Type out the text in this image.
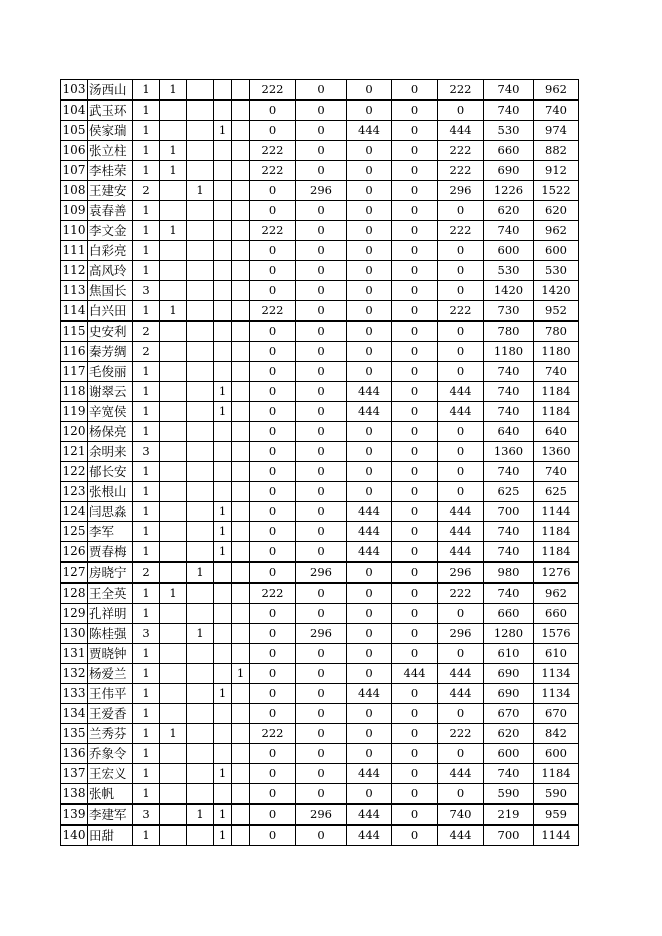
103	汤西山	1	1				222	0	0	0	222	740	962
104	武玉环	1					0	0	0	0	0	740	740
105	侯家瑞	1			1		0	0	444	0	444	530	974
106	张立柱	1	1				222	0	0	0	222	660	882
107	李桂荣	1	1				222	0	0	0	222	690	912
108	王建安	2		1			0	296	0	0	296	1226	1522
109	袁春善	1					0	0	0	0	0	620	620
110	李文金	1	1				222	0	0	0	222	740	962
111	白彩亮	1					0	0	0	0	0	600	600
112	高风玲	1					0	0	0	0	0	530	530
113	焦国长	3					0	0	0	0	0	1420	1420
114	白兴田	1	1				222	0	0	0	222	730	952
115	史安利	2					0	0	0	0	0	780	780
116	秦芳绸	2					0	0	0	0	0	1180	1180
117	毛俊丽	1					0	0	0	0	0	740	740
118	谢翠云	1			1		0	0	444	0	444	740	1184
119	辛宽侯	1			1		0	0	444	0	444	740	1184
120	杨保亮	1					0	0	0	0	0	640	640
121	余明来	3					0	0	0	0	0	1360	1360
122	郁长安	1					0	0	0	0	0	740	740
123	张根山	1					0	0	0	0	0	625	625
124	闫思淼	1			1		0	0	444	0	444	700	1144
125	李军	1			1		0	0	444	0	444	740	1184
126	贾春梅	1			1		0	0	444	0	444	740	1184
127	房晓宁	2		1			0	296	0	0	296	980	1276
128	王全英	1	1				222	0	0	0	222	740	962
129	孔祥明	1					0	0	0	0	0	660	660
130	陈桂强	3		1			0	296	0	0	296	1280	1576
131	贾晓钟	1					0	0	0	0	0	610	610
132	杨爱兰	1				1	0	0	0	444	444	690	1134
133	王伟平	1			1		0	0	444	0	444	690	1134
134	王爱香	1					0	0	0	0	0	670	670
135	兰秀芬	1	1				222	0	0	0	222	620	842
136	乔象令	1					0	0	0	0	0	600	600
137	王宏义	1			1		0	0	444	0	444	740	1184
138	张帆	1					0	0	0	0	0	590	590
139	李建军	3		1	1		0	296	444	0	740	219	959
140	田甜	1			1		0	0	444	0	444	700	1144
